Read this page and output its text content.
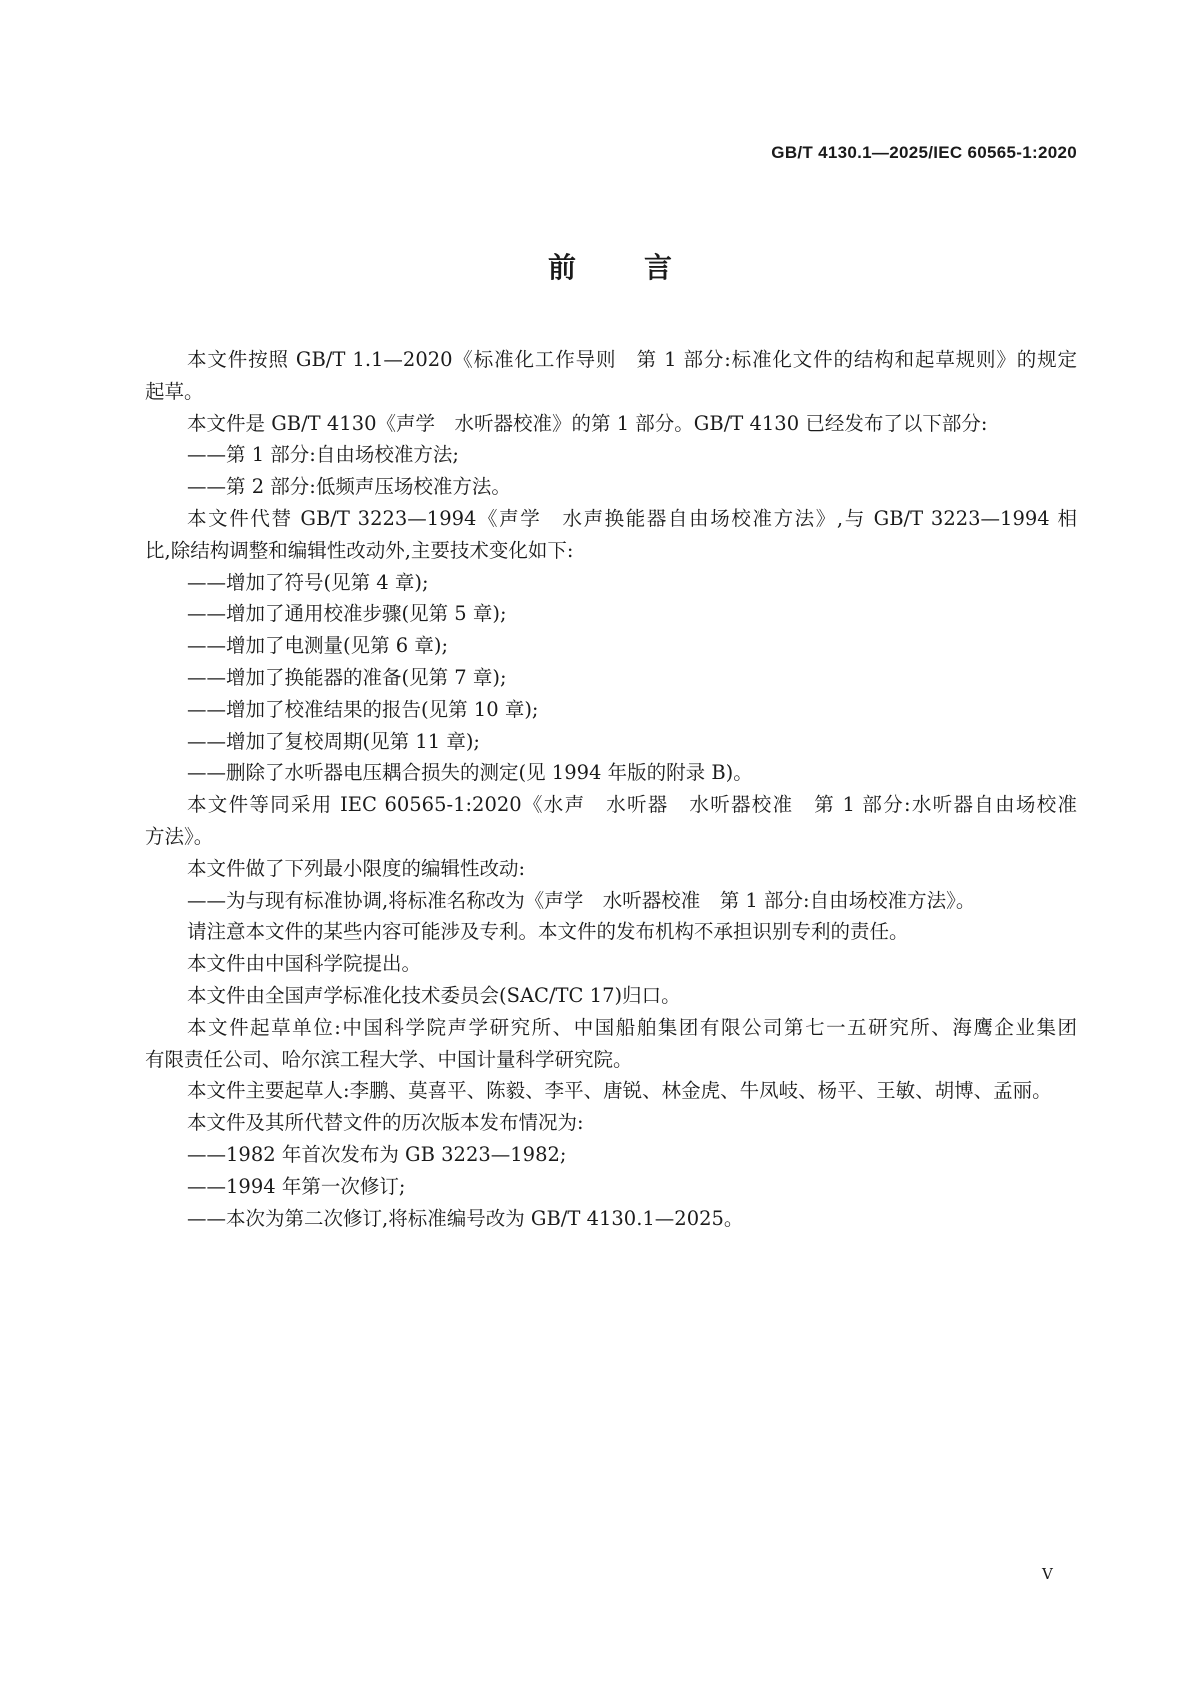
GB/T 4130.1—2025/IEC 60565-1:2020
前 言
本文件按照 GB/T 1.1—2020《标准化工作导则　第 1 部分:标准化文件的结构和起草规则》的规定
起草。
本文件是 GB/T 4130《声学　水听器校准》的第 1 部分。GB/T 4130 已经发布了以下部分:
——第 1 部分:自由场校准方法;
——第 2 部分:低频声压场校准方法。
本文件代替 GB/T 3223—1994《声学　水声换能器自由场校准方法》,与 GB/T 3223—1994 相
比,除结构调整和编辑性改动外,主要技术变化如下:
——增加了符号(见第 4 章);
——增加了通用校准步骤(见第 5 章);
——增加了电测量(见第 6 章);
——增加了换能器的准备(见第 7 章);
——增加了校准结果的报告(见第 10 章);
——增加了复校周期(见第 11 章);
——删除了水听器电压耦合损失的测定(见 1994 年版的附录 B)。
本文件等同采用 IEC 60565-1:2020《水声　水听器　水听器校准　第 1 部分:水听器自由场校准
方法》。
本文件做了下列最小限度的编辑性改动:
——为与现有标准协调,将标准名称改为《声学　水听器校准　第 1 部分:自由场校准方法》。
请注意本文件的某些内容可能涉及专利。本文件的发布机构不承担识别专利的责任。
本文件由中国科学院提出。
本文件由全国声学标准化技术委员会(SAC/TC 17)归口。
本文件起草单位:中国科学院声学研究所、中国船舶集团有限公司第七一五研究所、海鹰企业集团
有限责任公司、哈尔滨工程大学、中国计量科学研究院。
本文件主要起草人:李鹏、莫喜平、陈毅、李平、唐锐、林金虎、牛凤岐、杨平、王敏、胡博、孟丽。
本文件及其所代替文件的历次版本发布情况为:
——1982 年首次发布为 GB 3223—1982;
——1994 年第一次修订;
——本次为第二次修订,将标准编号改为 GB/T 4130.1—2025。
V
